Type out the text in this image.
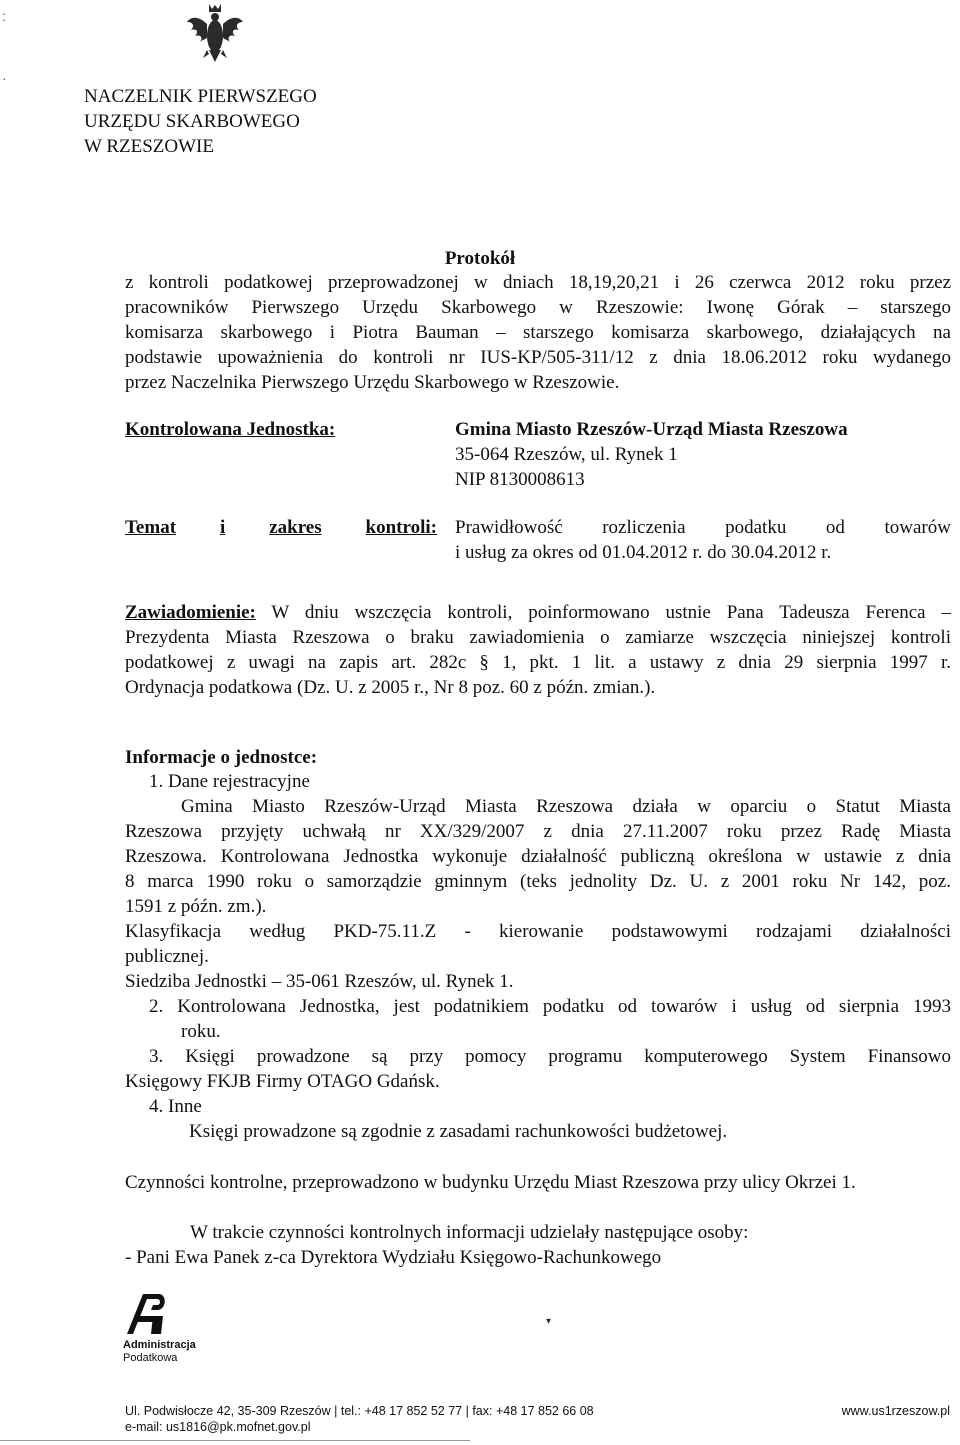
:
·
NACZELNIK PIERWSZEGO
URZĘDU SKARBOWEGO
W RZESZOWIE
Protokół
z kontroli podatkowej przeprowadzonej w dniach 18,19,20,21 i 26 czerwca 2012 roku przez
pracowników Pierwszego Urzędu Skarbowego w Rzeszowie: Iwonę Górak – starszego
komisarza skarbowego i Piotra Bauman – starszego komisarza skarbowego, działających na
podstawie upoważnienia do kontroli nr IUS-KP/505-311/12 z dnia 18.06.2012 roku wydanego
przez Naczelnika Pierwszego Urzędu Skarbowego w Rzeszowie.
Kontrolowana Jednostka:	Gmina Miasto Rzeszów-Urząd Miasta Rzeszowa
35-064 Rzeszów, ul. Rynek 1
NIP 8130008613
Temat i zakres kontroli: Prawidłowość rozliczenia podatku od towarów
i usług za okres od 01.04.2012 r. do 30.04.2012 r.
Zawiadomienie: W dniu wszczęcia kontroli, poinformowano ustnie Pana Tadeusza Ferenca –
Prezydenta Miasta Rzeszowa o braku zawiadomienia o zamiarze wszczęcia niniejszej kontroli
podatkowej z uwagi na zapis art. 282c § 1, pkt. 1 lit. a ustawy z dnia 29 sierpnia 1997 r.
Ordynacja podatkowa (Dz. U. z 2005 r., Nr 8 poz. 60 z późn. zmian.).
Informacje o jednostce:
1. Dane rejestracyjne
Gmina Miasto Rzeszów-Urząd Miasta Rzeszowa działa w oparciu o Statut Miasta
Rzeszowa przyjęty uchwałą nr XX/329/2007 z dnia 27.11.2007 roku przez Radę Miasta
Rzeszowa. Kontrolowana Jednostka wykonuje działalność publiczną określona w ustawie z dnia
8 marca 1990 roku o samorządzie gminnym (teks jednolity Dz. U. z 2001 roku Nr 142, poz.
1591 z późn. zm.).
Klasyfikacja według PKD-75.11.Z - kierowanie podstawowymi rodzajami działalności
publicznej.
Siedziba Jednostki – 35-061 Rzeszów, ul. Rynek 1.
2. Kontrolowana Jednostka, jest podatnikiem podatku od towarów i usług od sierpnia 1993
roku.
3. Księgi prowadzone są przy pomocy programu komputerowego System Finansowo
Księgowy FKJB Firmy OTAGO Gdańsk.
4. Inne
Księgi prowadzone są zgodnie z zasadami rachunkowości budżetowej.
Czynności kontrolne, przeprowadzono w budynku Urzędu Miast Rzeszowa przy ulicy Okrzei 1.
W trakcie czynności kontrolnych informacji udzielały następujące osoby:
- Pani Ewa Panek z-ca Dyrektora Wydziału Księgowo-Rachunkowego
Administracja
Podatkowa
▾
Ul. Podwisłocze 42, 35-309 Rzeszów | tel.: +48 17 852 52 77 | fax: +48 17 852 66 08	www.us1rzeszow.pl
e-mail: us1816@pk.mofnet.gov.pl
